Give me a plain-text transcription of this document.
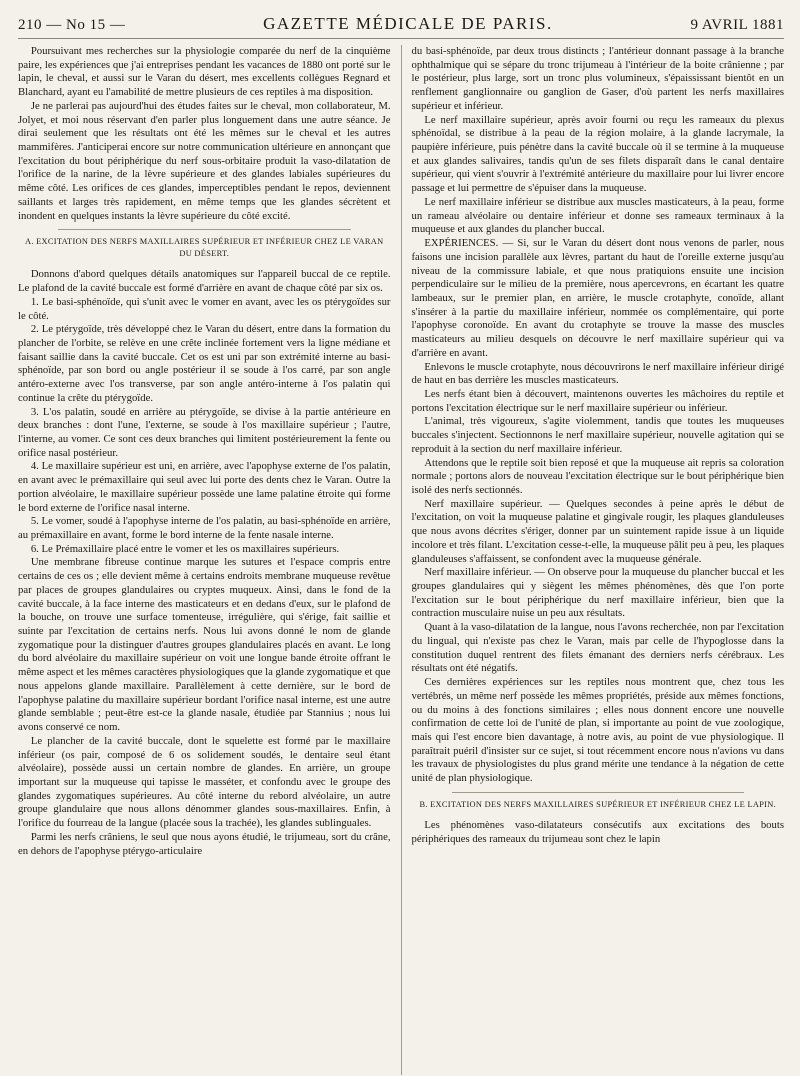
210 — No 15 —	GAZETTE MÉDICALE DE PARIS.	9 AVRIL 1881

Poursuivant mes recherches sur la physiologie comparée du nerf de la cinquième paire, les expériences que j'ai entreprises pendant les vacances de 1880 ont porté sur le lapin, le cheval, et aussi sur le Varan du désert, mes excellents collègues Regnard et Blanchard, ayant eu l'amabilité de mettre plusieurs de ces reptiles à ma disposition.

Je ne parlerai pas aujourd'hui des études faites sur le cheval, mon collaborateur, M. Jolyet, et moi nous réservant d'en parler plus longuement dans une autre séance. Je dirai seulement que les résultats ont été les mêmes sur le cheval et les autres mammifères. J'anticiperai encore sur notre communication ultérieure en annonçant que l'excitation du bout périphérique du nerf sous-orbitaire produit la vaso-dilatation de l'orifice de la narine, de la lèvre supérieure et des glandes labiales supérieures du même côté. Les orifices de ces glandes, imperceptibles pendant le repos, deviennent saillants et larges très rapidement, en même temps que les glandes sécrètent et inondent en quelques instants la lèvre supérieure du côté excité.

A. EXCITATION DES NERFS MAXILLAIRES SUPÉRIEUR ET INFÉRIEUR CHEZ LE VARAN DU DÉSERT.

Donnons d'abord quelques détails anatomiques sur l'appareil buccal de ce reptile. Le plafond de la cavité buccale est formé d'arrière en avant de chaque côté par six os.

1. Le basi-sphénoïde, qui s'unit avec le vomer en avant, avec les os ptérygoïdes sur le côté.

2. Le ptérygoïde, très développé chez le Varan du désert, entre dans la formation du plancher de l'orbite, se relève en une crête inclinée fortement vers la ligne médiane et faisant saillie dans la cavité buccale. Cet os est uni par son extrémité interne au basi-sphénoïde, par son bord ou angle postérieur il se soude à l'os carré, par son angle antéro-externe avec l'os transverse, par son angle antéro-interne à l'os palatin qui continue la crête du ptérygoïde.

3. L'os palatin, soudé en arrière au ptérygoïde, se divise à la partie antérieure en deux branches : dont l'une, l'externe, se soude à l'os maxillaire supérieur ; l'autre, l'interne, au vomer. Ce sont ces deux branches qui limitent postérieurement la fente ou orifice nasal postérieur.

4. Le maxillaire supérieur est uni, en arrière, avec l'apophyse externe de l'os palatin, en avant avec le prémaxillaire qui seul avec lui porte des dents chez le Varan. Outre la portion alvéolaire, le maxillaire supérieur possède une lame palatine étroite qui forme le bord externe de l'orifice nasal interne.

5. Le vomer, soudé à l'apophyse interne de l'os palatin, au basi-sphénoïde en arrière, au prémaxillaire en avant, forme le bord interne de la fente nasale interne.

6. Le Prémaxillaire placé entre le vomer et les os maxillaires supérieurs.

Une membrane fibreuse continue marque les sutures et l'espace compris entre certains de ces os ; elle devient même à certains endroits membrane muqueuse revêtue par places de groupes glandulaires ou cryptes muqueux. Ainsi, dans le fond de la cavité buccale, à la face interne des masticateurs et en dedans d'eux, sur le plafond de la bouche, on trouve une surface tomenteuse, irrégulière, qui s'érige, fait saillie et suinte par l'excitation de certains nerfs. Nous lui avons donné le nom de glande zygomatique pour la distinguer d'autres groupes glandulaires placés en avant. Le long du bord alvéolaire du maxillaire supérieur on voit une longue bande étroite offrant le même aspect et les mêmes caractères physiologiques que la glande zygomatique et que nous appelons glande maxillaire. Parallèlement à cette dernière, sur le bord de l'apophyse palatine du maxillaire supérieur bordant l'orifice nasal interne, est une autre glande semblable ; peut-être est-ce la glande nasale, étudiée par Stannius ; nous lui avons conservé ce nom.

Le plancher de la cavité buccale, dont le squelette est formé par le maxillaire inférieur (os pair, composé de 6 os solidement soudés, le dentaire seul étant alvéolaire), possède aussi un certain nombre de glandes. En arrière, un groupe important sur la muqueuse qui tapisse le masséter, et confondu avec le groupe des glandes zygomatiques supérieures. Au côté interne du rebord alvéolaire, un autre groupe glandulaire que nous allons dénommer glandes sous-maxillaires. Enfin, à l'orifice du fourreau de la langue (placée sous la trachée), les glandes sublinguales.

Parmi les nerfs crâniens, le seul que nous ayons étudié, le trijumeau, sort du crâne, en dehors de l'apophyse ptérygo-articulaire

du basi-sphénoïde, par deux trous distincts ; l'antérieur donnant passage à la branche ophthalmique qui se sépare du tronc trijumeau à l'intérieur de la boite crânienne ; par le postérieur, plus large, sort un tronc plus volumineux, s'épaississant bientôt en un renflement ganglionnaire ou ganglion de Gaser, d'où partent les nerfs maxillaires supérieur et inférieur.

Le nerf maxillaire supérieur, après avoir fourni ou reçu les rameaux du plexus sphénoïdal, se distribue à la peau de la région molaire, à la glande lacrymale, la paupière inférieure, puis pénètre dans la cavité buccale où il se termine à la muqueuse et aux glandes salivaires, tandis qu'un de ses filets disparaît dans le canal dentaire supérieur, qui vient s'ouvrir à l'extrémité antérieure du maxillaire pour lui livrer encore passage et lui permettre de s'épuiser dans la muqueuse.

Le nerf maxillaire inférieur se distribue aux muscles masticateurs, à la peau, forme un rameau alvéolaire ou dentaire inférieur et donne ses rameaux terminaux à la muqueuse et aux glandes du plancher buccal.

EXPÉRIENCES. — Si, sur le Varan du désert dont nous venons de parler, nous faisons une incision parallèle aux lèvres, partant du haut de l'oreille externe jusqu'au niveau de la commissure labiale, et que nous pratiquions ensuite une incision perpendiculaire sur le milieu de la première, nous apercevrons, en écartant les quatre lambeaux, sur le premier plan, en arrière, le muscle crotaphyte, conoïde, allant s'insérer à la partie du maxillaire inférieur, nommée os complémentaire, qui porte l'apophyse coronoïde. En avant du crotaphyte se trouve la masse des muscles masticateurs au milieu desquels on découvre le nerf maxillaire supérieur qui va d'arrière en avant.

Enlevons le muscle crotaphyte, nous découvrirons le nerf maxillaire inférieur dirigé de haut en bas derrière les muscles masticateurs.

Les nerfs étant bien à découvert, maintenons ouvertes les mâchoires du reptile et portons l'excitation électrique sur le nerf maxillaire supérieur ou inférieur.

L'animal, très vigoureux, s'agite violemment, tandis que toutes les muqueuses buccales s'injectent. Sectionnons le nerf maxillaire supérieur, nouvelle agitation qui se reproduit à la section du nerf maxillaire inférieur.

Attendons que le reptile soit bien reposé et que la muqueuse ait repris sa coloration normale ; portons alors de nouveau l'excitation électrique sur le bout périphérique bien isolé des nerfs sectionnés.

Nerf maxillaire supérieur. — Quelques secondes à peine après le début de l'excitation, on voit la muqueuse palatine et gingivale rougir, les plaques glanduleuses que nous avons décrites s'ériger, donner par un suintement rapide issue à un liquide incolore et très filant. L'excitation cesse-t-elle, la muqueuse pâlit peu à peu, les plaques glanduleuses s'affaissent, se confondent avec la muqueuse générale.

Nerf maxillaire inférieur. — On observe pour la muqueuse du plancher buccal et les groupes glandulaires qui y siègent les mêmes phénomènes, dès que l'on porte l'excitation sur le bout périphérique du nerf maxillaire inférieur, bien que la contraction musculaire nuise un peu aux résultats.

Quant à la vaso-dilatation de la langue, nous l'avons recherchée, non par l'excitation du lingual, qui n'existe pas chez le Varan, mais par celle de l'hypoglosse dans la constitution duquel rentrent des filets émanant des derniers nerfs cérébraux. Les résultats ont été négatifs.

Ces dernières expériences sur les reptiles nous montrent que, chez tous les vertébrés, un même nerf possède les mêmes propriétés, préside aux mêmes fonctions, ou du moins à des fonctions similaires ; elles nous donnent encore une nouvelle confirmation de cette loi de l'unité de plan, si importante au point de vue zoologique, mais qui l'est encore bien davantage, à notre avis, au point de vue physiologique. Il paraîtrait puéril d'insister sur ce sujet, si tout récemment encore nous n'avions vu dans les travaux de physiologistes du plus grand mérite une tendance à la négation de cette unité de plan physiologique.

B. EXCITATION DES NERFS MAXILLAIRES SUPÉRIEUR ET INFÉRIEUR CHEZ LE LAPIN.

Les phénomènes vaso-dilatateurs consécutifs aux excitations des bouts périphériques des rameaux du trijumeau sont chez le lapin
